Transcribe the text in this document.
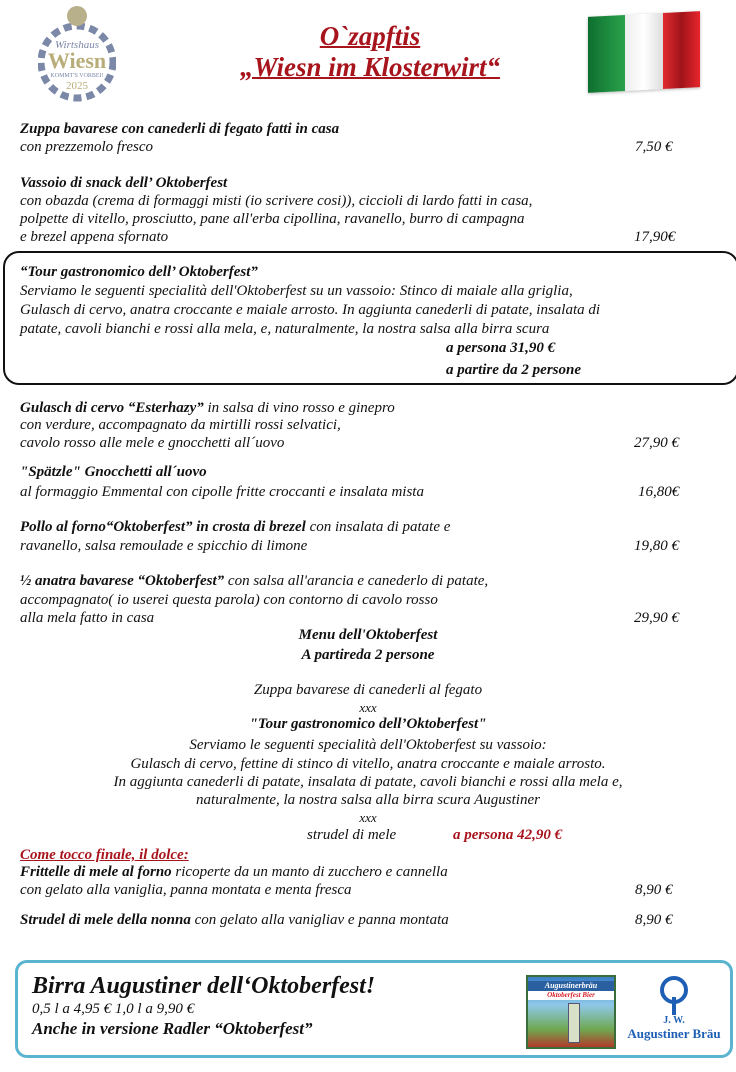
Wirtshaus
Wiesn
KOMMT'S VORBEI!
2025
O`zapftis
„Wiesn im Klosterwirt“
Zuppa bavarese con canederli di fegato fatti in casa
con prezzemolo fresco	7,50 €
Vassoio di snack dell’ Oktoberfest
con obazda (crema di formaggi misti (io scrivere cosi)), ciccioli di lardo fatti in casa,
polpette di vitello, prosciutto, pane all'erba cipollina, ravanello, burro di campagna
e brezel appena sfornato	17,90€
“Tour gastronomico dell’ Oktoberfest”
Serviamo le seguenti specialità dell'Oktoberfest su un vassoio: Stinco di maiale alla griglia,
Gulasch di cervo, anatra croccante e maiale arrosto. In aggiunta canederli di patate, insalata di
patate, cavoli bianchi e rossi alla mela, e, naturalmente, la nostra salsa alla birra scura
a persona 31,90 €
a partire da 2 persone
Gulasch di cervo “Esterhazy” in salsa di vino rosso e ginepro
con verdure, accompagnato da mirtilli rossi selvatici,
cavolo rosso alle mele e gnocchetti all´uovo	27,90 €
"Spätzle" Gnocchetti all´uovo
al formaggio Emmental con cipolle fritte croccanti e insalata mista	16,80€
Pollo al forno“Oktoberfest” in crosta di brezel con insalata di patate e
ravanello, salsa remoulade e spicchio di limone	19,80 €
½ anatra bavarese “Oktoberfest” con salsa all'arancia e canederlo di patate,
accompagnato( io userei questa parola) con contorno di cavolo rosso
alla mela fatto in casa	29,90 €
Menu dell'Oktoberfest
A partireda 2 persone
Zuppa bavarese di canederli al fegato
xxx
"Tour gastronomico dell’Oktoberfest"
Serviamo le seguenti specialità dell'Oktoberfest su vassoio:
Gulasch di cervo, fettine di stinco di vitello, anatra croccante e maiale arrosto.
In aggiunta canederli di patate, insalata di patate, cavoli bianchi e rossi alla mela e,
naturalmente, la nostra salsa alla birra scura Augustiner
xxx
strudel di mele	a persona 42,90 €
Come tocco finale, il dolce:
Frittelle di mele al forno ricoperte da un manto di zucchero e cannella
con gelato alla vaniglia, panna montata e menta fresca	8,90 €
Strudel di mele della nonna con gelato alla vanigliav e panna montata	8,90 €
Birra Augustiner dell‘Oktoberfest!
0,5 l a 4,95 € 1,0 l a 9,90 €
Anche in versione Radler “Oktoberfest”
Augustinerbräu
Oktoberfest Bier
J. W.
Augustiner Bräu
